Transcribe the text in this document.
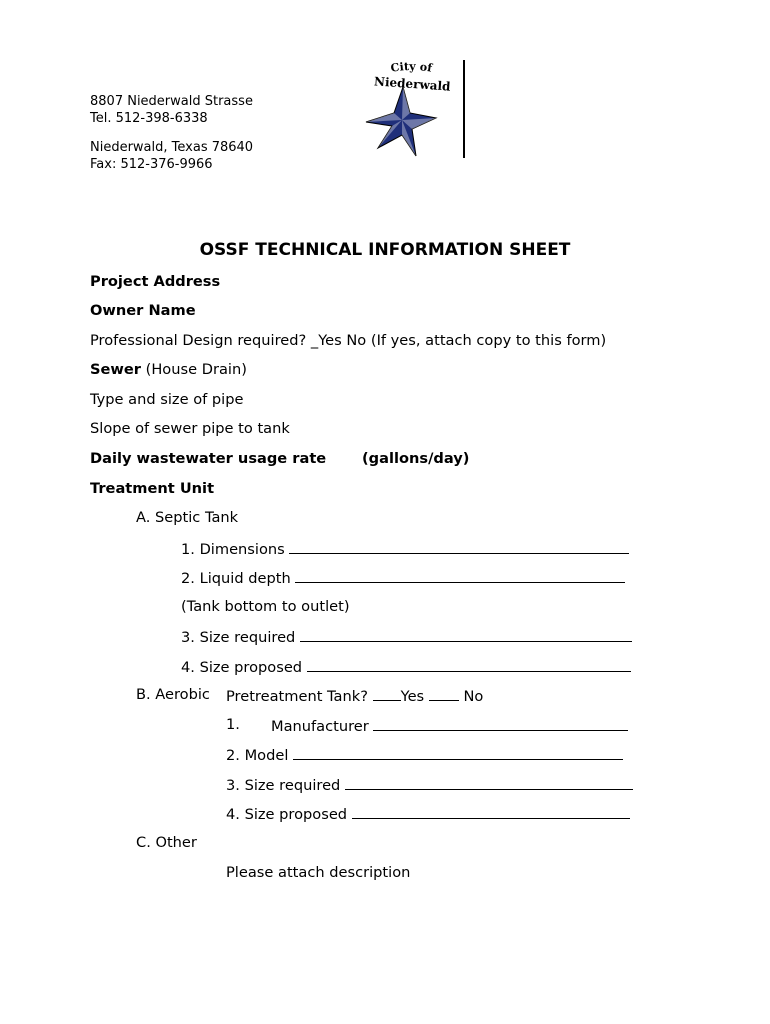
8807 Niederwald Strasse
Tel. 512-398-6338
Niederwald, Texas 78640
Fax: 512-376-9966
City of
Niederwald
OSSF TECHNICAL INFORMATION SHEET
Project Address
Owner Name
Professional Design required? _Yes No (If yes, attach copy to this form)
Sewer (House Drain)
Type and size of pipe
Slope of sewer pipe to tank
Daily wastewater usage rate (gallons/day)
Treatment Unit
A. Septic Tank
1. Dimensions
2. Liquid depth
(Tank bottom to outlet)
3. Size required
4. Size proposed
B. Aerobic Pretreatment Tank? Yes	No
1. Manufacturer
2. Model
3. Size required
4. Size proposed
C. Other
Please attach description
